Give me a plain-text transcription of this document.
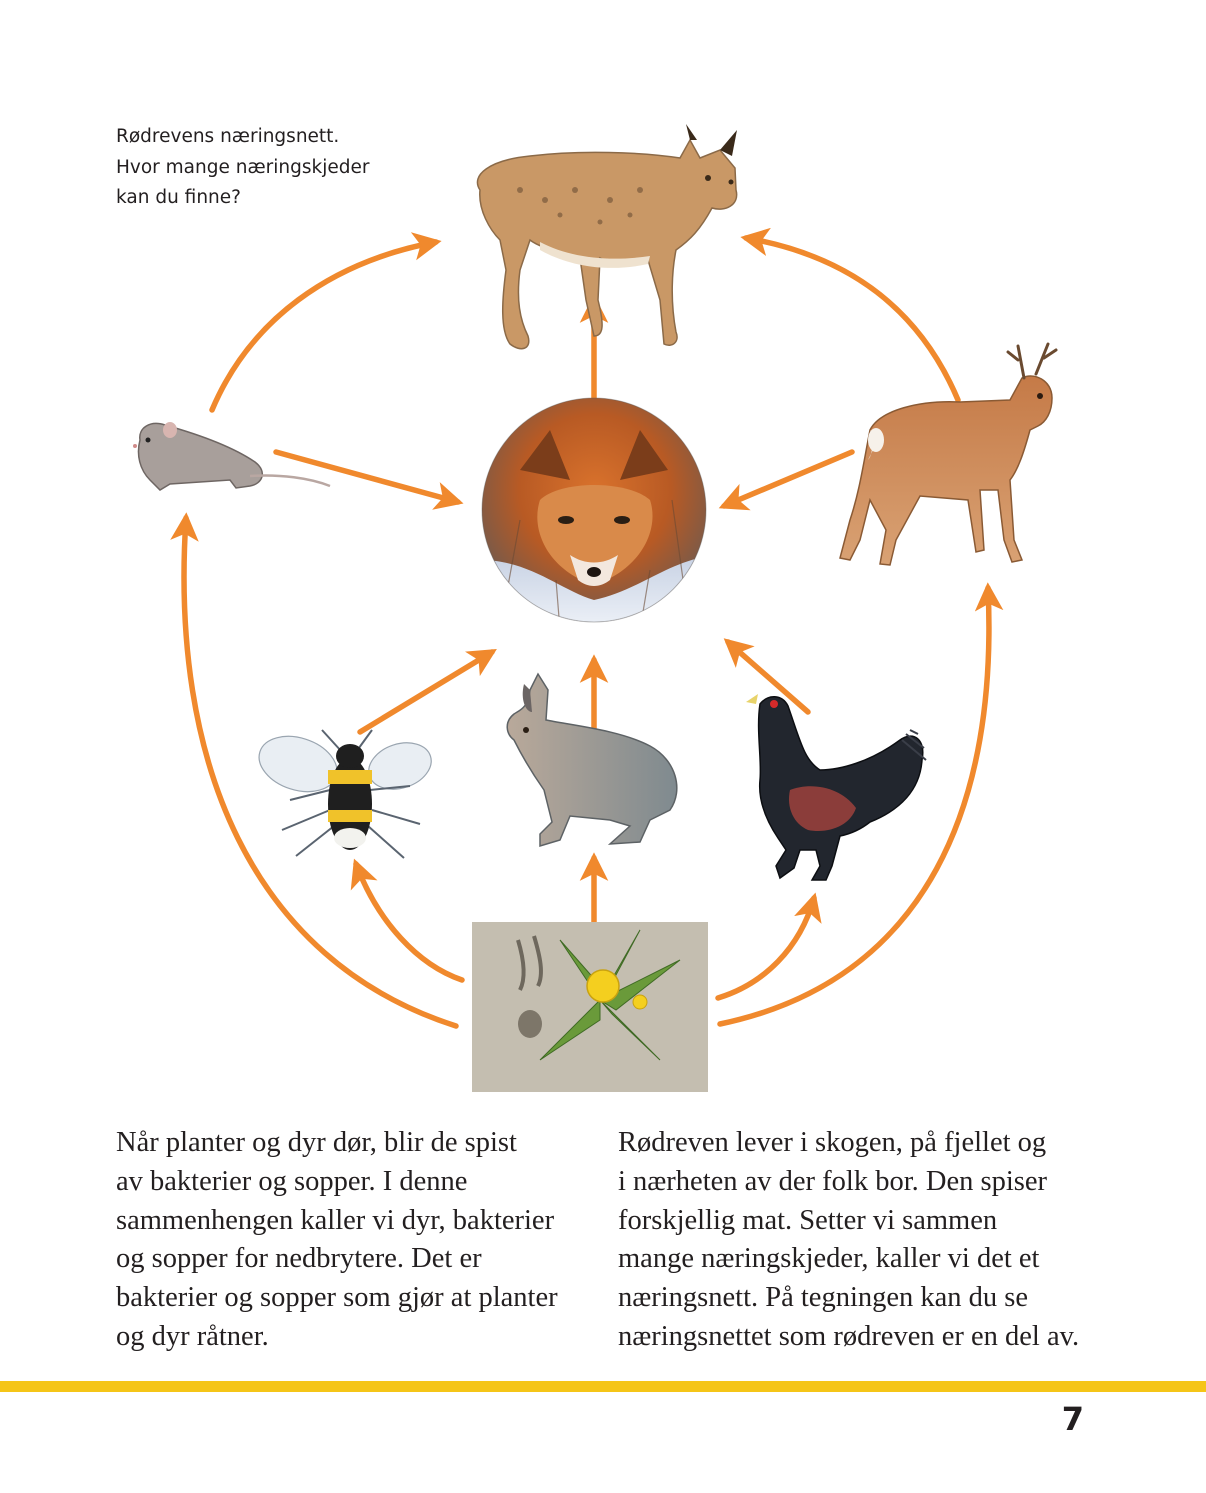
Rødrevens næringsnett.
Hvor mange næringskjeder
kan du finne?
Når planter og dyr dør, blir de spist
av bakterier og sopper. I denne
sammenhengen kaller vi dyr, bakterier
og sopper for nedbrytere. Det er
bakterier og sopper som gjør at planter
og dyr råtner.
Rødreven lever i skogen, på fjellet og
i nærheten av der folk bor. Den spiser
forskjellig mat. Setter vi sammen
mange næringskjeder, kaller vi det et
næringsnett. På tegningen kan du se
næringsnettet som rødreven er en del av.
7
